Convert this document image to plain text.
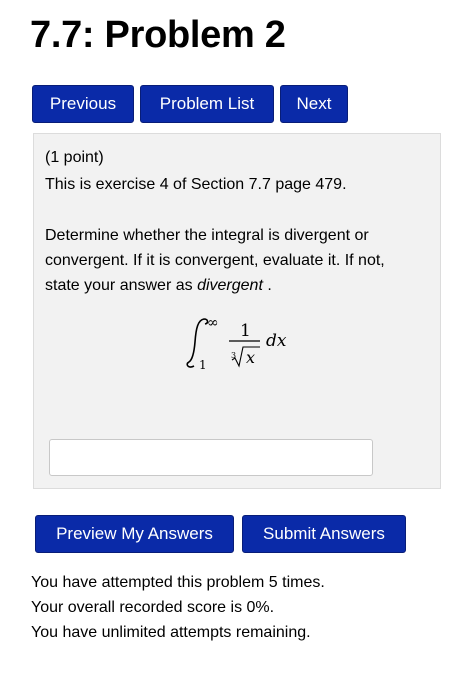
7.7: Problem 2
Previous	Problem List	Next
(1 point)
This is exercise 4 of Section 7.7 page 479.
Determine whether the integral is divergent or
convergent. If it is convergent, evaluate it. If not,
state your answer as divergent .
∞
1
1
3 x
dx
Preview My Answers	Submit Answers
You have attempted this problem 5 times.
Your overall recorded score is 0%.
You have unlimited attempts remaining.
